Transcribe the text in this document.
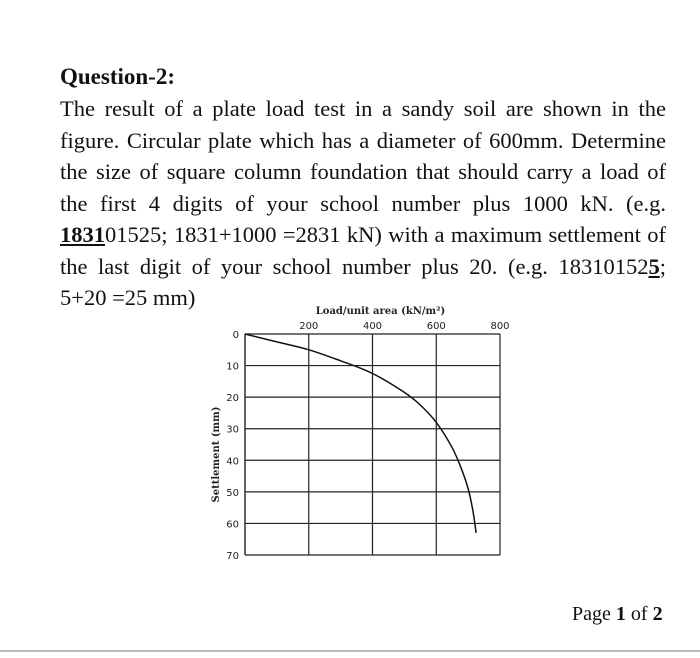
Question-2:

The result of a plate load test in a sandy soil are shown in the figure. Circular plate which has a diameter of 600mm. Determine the size of square column foundation that should carry a load of the first 4 digits of your school number plus 1000 kN. (e.g. 183101525; 1831+1000 =2831 kN) with a maximum settlement of the last digit of your school number plus 20. (e.g. 183101525; 5+20 =25 mm)

200	400	600	800
0
10
20
30
40
50
60
70
Load/unit area (kN/m²)
Settlement (mm)
Page 1 of 2
